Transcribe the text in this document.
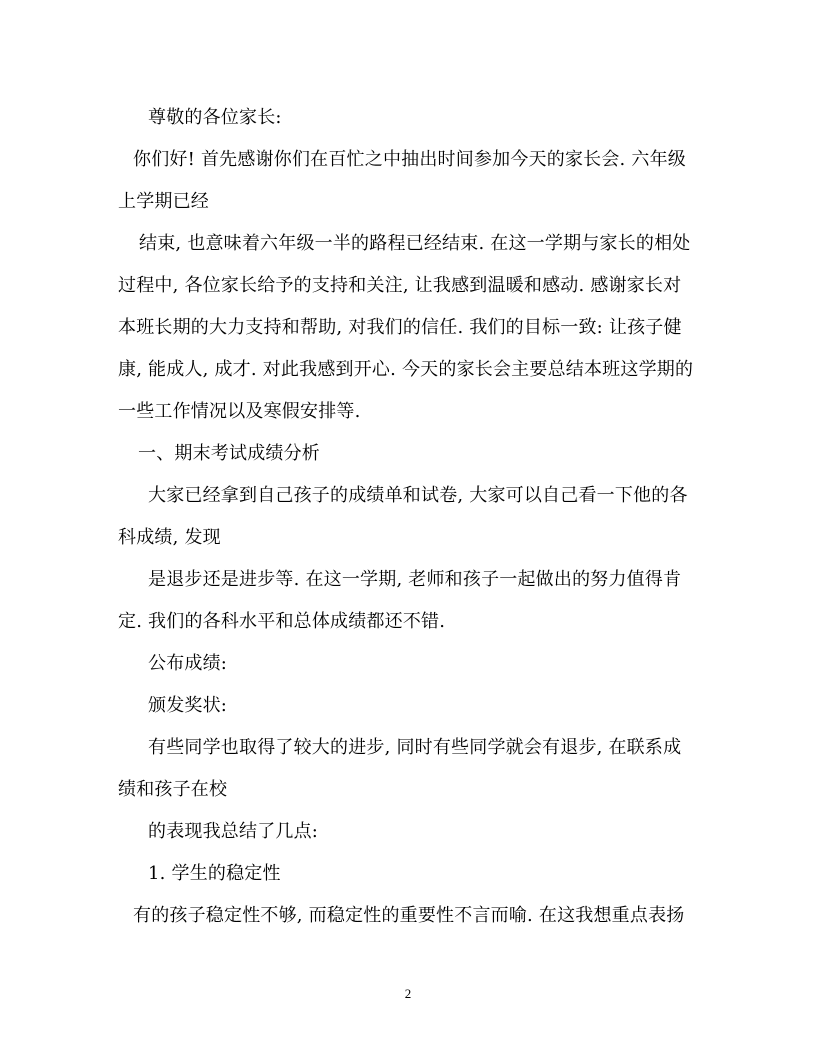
尊敬的各位家长:
你们好! 首先感谢你们在百忙之中抽出时间参加今天的家长会. 六年级
上学期已经
结束, 也意味着六年级一半的路程已经结束. 在这一学期与家长的相处
过程中, 各位家长给予的支持和关注, 让我感到温暖和感动. 感谢家长对
本班长期的大力支持和帮助, 对我们的信任. 我们的目标一致: 让孩子健
康, 能成人, 成才. 对此我感到开心. 今天的家长会主要总结本班这学期的
一些工作情况以及寒假安排等.
一、期末考试成绩分析
大家已经拿到自己孩子的成绩单和试卷, 大家可以自己看一下他的各
科成绩, 发现
是退步还是进步等. 在这一学期, 老师和孩子一起做出的努力值得肯
定. 我们的各科水平和总体成绩都还不错.
公布成绩:
颁发奖状:
有些同学也取得了较大的进步, 同时有些同学就会有退步, 在联系成
绩和孩子在校
的表现我总结了几点:
1. 学生的稳定性
有的孩子稳定性不够, 而稳定性的重要性不言而喻. 在这我想重点表扬
2
